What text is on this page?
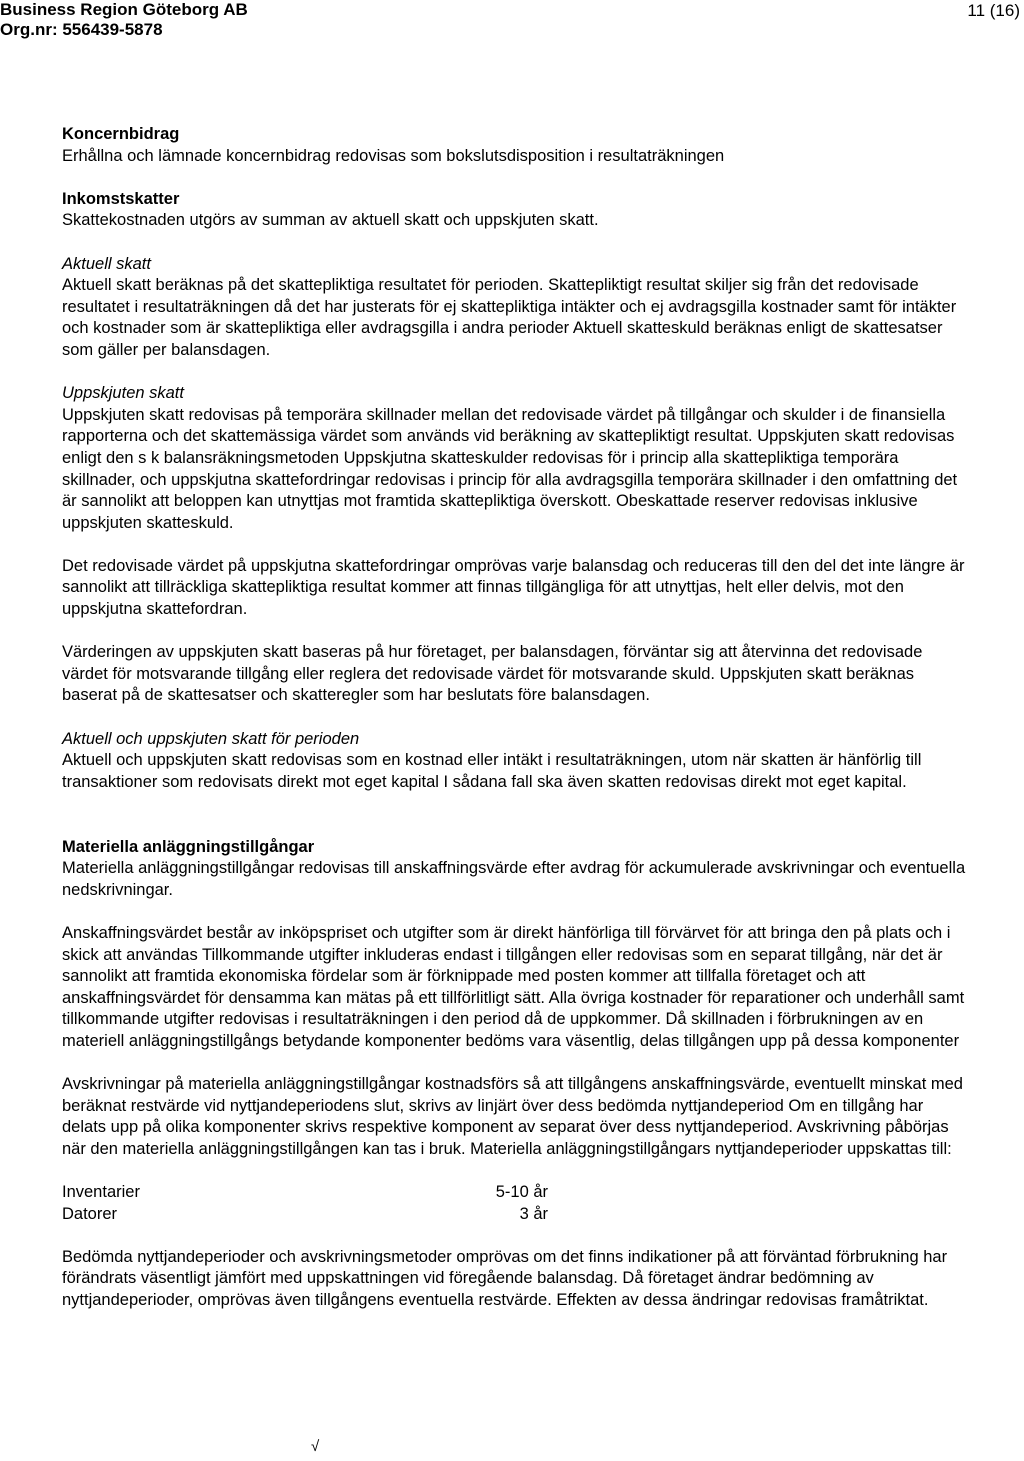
Business Region Göteborg AB
Org.nr: 556439-5878
11 (16)
Koncernbidrag
Erhållna och lämnade koncernbidrag redovisas som bokslutsdisposition i resultaträkningen
Inkomstskatter
Skattekostnaden utgörs av summan av aktuell skatt och uppskjuten skatt.
Aktuell skatt
Aktuell skatt beräknas på det skattepliktiga resultatet för perioden. Skattepliktigt resultat skiljer sig från det redovisade resultatet i resultaträkningen då det har justerats för ej skattepliktiga intäkter och ej avdragsgilla kostnader samt för intäkter och kostnader som är skattepliktiga eller avdragsgilla i andra perioder Aktuell skatteskuld beräknas enligt de skattesatser som gäller per balansdagen.
Uppskjuten skatt

Uppskjuten skatt redovisas på temporära skillnader mellan det redovisade värdet på tillgångar och skulder i de finansiella rapporterna och det skattemässiga värdet som används vid beräkning av skattepliktigt resultat. Uppskjuten skatt redovisas enligt den s k balansräkningsmetoden Uppskjutna skatteskulder redovisas för i princip alla skattepliktiga temporära skillnader, och uppskjutna skattefordringar redovisas i princip för alla avdragsgilla temporära skillnader i den omfattning det är sannolikt att beloppen kan utnyttjas mot framtida skattepliktiga överskott. Obeskattade reserver redovisas inklusive uppskjuten skatteskuld.

Det redovisade värdet på uppskjutna skattefordringar omprövas varje balansdag och reduceras till den del det inte längre är sannolikt att tillräckliga skattepliktiga resultat kommer att finnas tillgängliga för att utnyttjas, helt eller delvis, mot den uppskjutna skattefordran.

Värderingen av uppskjuten skatt baseras på hur företaget, per balansdagen, förväntar sig att återvinna det redovisade värdet för motsvarande tillgång eller reglera det redovisade värdet för motsvarande skuld. Uppskjuten skatt beräknas baserat på de skattesatser och skatteregler som har beslutats före balansdagen.
Aktuell och uppskjuten skatt för perioden
Aktuell och uppskjuten skatt redovisas som en kostnad eller intäkt i resultaträkningen, utom när skatten är hänförlig till transaktioner som redovisats direkt mot eget kapital I sådana fall ska även skatten redovisas direkt mot eget kapital.
Materiella anläggningstillgångar

Materiella anläggningstillgångar redovisas till anskaffningsvärde efter avdrag för ackumulerade avskrivningar och eventuella nedskrivningar.

Anskaffningsvärdet består av inköpspriset och utgifter som är direkt hänförliga till förvärvet för att bringa den på plats och i skick att användas Tillkommande utgifter inkluderas endast i tillgången eller redovisas som en separat tillgång, när det är sannolikt att framtida ekonomiska fördelar som är förknippade med posten kommer att tillfalla företaget och att anskaffningsvärdet för densamma kan mätas på ett tillförlitligt sätt. Alla övriga kostnader för reparationer och underhåll samt tillkommande utgifter redovisas i resultaträkningen i den period då de uppkommer. Då skillnaden i förbrukningen av en materiell anläggningstillgångs betydande komponenter bedöms vara väsentlig, delas tillgången upp på dessa komponenter

Avskrivningar på materiella anläggningstillgångar kostnadsförs så att tillgångens anskaffningsvärde, eventuellt minskat med beräknat restvärde vid nyttjandeperiodens slut, skrivs av linjärt över dess bedömda nyttjandeperiod Om en tillgång har delats upp på olika komponenter skrivs respektive komponent av separat över dess nyttjandeperiod. Avskrivning påbörjas när den materiella anläggningstillgången kan tas i bruk. Materiella anläggningstillgångars nyttjandeperioder uppskattas till:

Inventarier	5-10 år
Datorer	3 år
Bedömda nyttjandeperioder och avskrivningsmetoder omprövas om det finns indikationer på att förväntad förbrukning har förändrats väsentligt jämfört med uppskattningen vid föregående balansdag. Då företaget ändrar bedömning av nyttjandeperioder, omprövas även tillgångens eventuella restvärde. Effekten av dessa ändringar redovisas framåtriktat.
√
